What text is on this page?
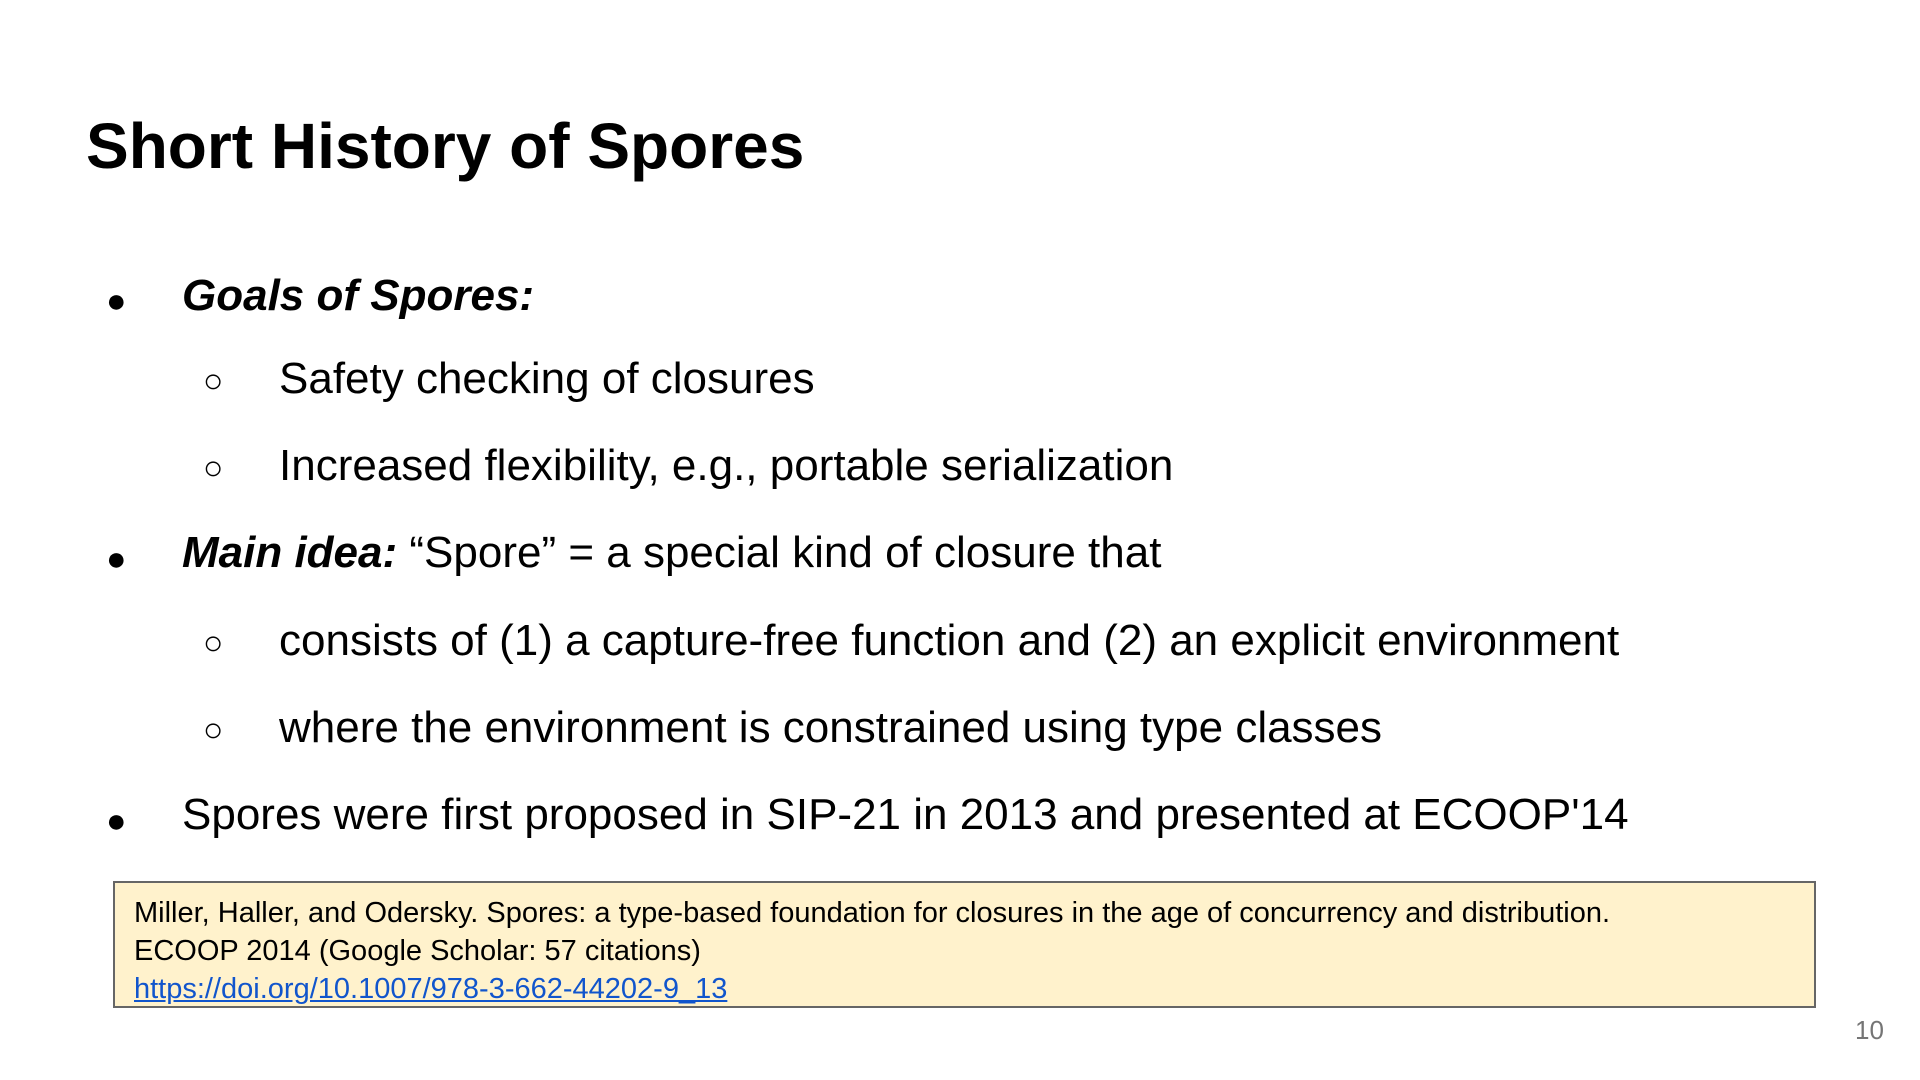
Short History of Spores
● Goals of Spores:
○ Safety checking of closures
○ Increased flexibility, e.g., portable serialization
● Main idea: “Spore” = a special kind of closure that
○ consists of (1) a capture-free function and (2) an explicit environment
○ where the environment is constrained using type classes
● Spores were first proposed in SIP-21 in 2013 and presented at ECOOP'14
Miller, Haller, and Odersky. Spores: a type-based foundation for closures in the age of concurrency and distribution.
ECOOP 2014 (Google Scholar: 57 citations)
https://doi.org/10.1007/978-3-662-44202-9_13
10
